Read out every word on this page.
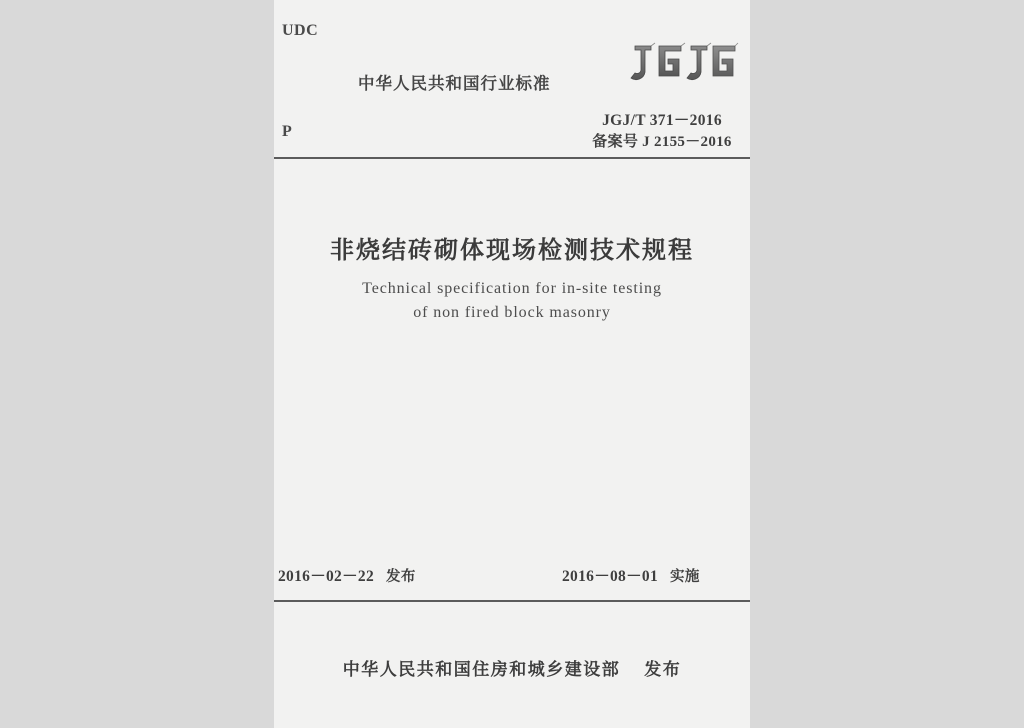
UDC
P
中华人民共和国行业标准
JGJ/T 371－2016
备案号 J 2155－2016
非烧结砖砌体现场检测技术规程
Technical specification for in-site testing
of non fired block masonry
2016－02－22 发布	2016－08－01 实施
中华人民共和国住房和城乡建设部 发布
